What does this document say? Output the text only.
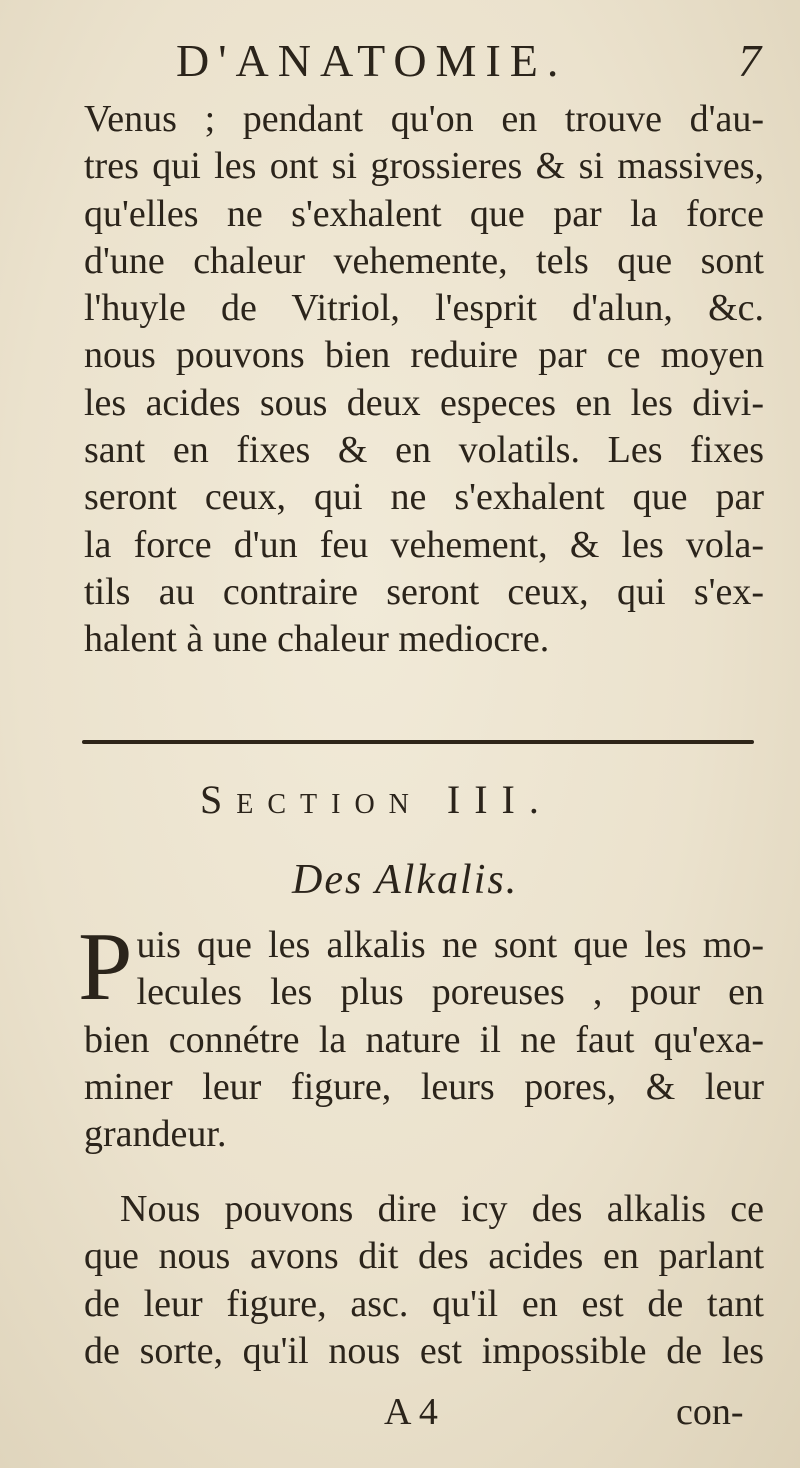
D'ANATOMIE.	7
Venus ; pendant qu'on en trouve d'au-
tres qui les ont si grossieres & si massives,
qu'elles ne s'exhalent que par la force
d'une chaleur vehemente, tels que sont
l'huyle de Vitriol, l'esprit d'alun, &c.
nous pouvons bien reduire par ce moyen
les acides sous deux especes en les divi-
sant en fixes & en volatils. Les fixes
seront ceux, qui ne s'exhalent que par
la force d'un feu vehement, & les vola-
tils au contraire seront ceux, qui s'ex-
halent à une chaleur mediocre.
Section III.
Des Alkalis.
P uis que les alkalis ne sont que les mo-
lecules les plus poreuses , pour en
bien connétre la nature il ne faut qu'exa-
miner leur figure, leurs pores, & leur
grandeur.
Nous pouvons dire icy des alkalis ce
que nous avons dit des acides en parlant
de leur figure, asc. qu'il en est de tant
de sorte, qu'il nous est impossible de les
A 4	con-
